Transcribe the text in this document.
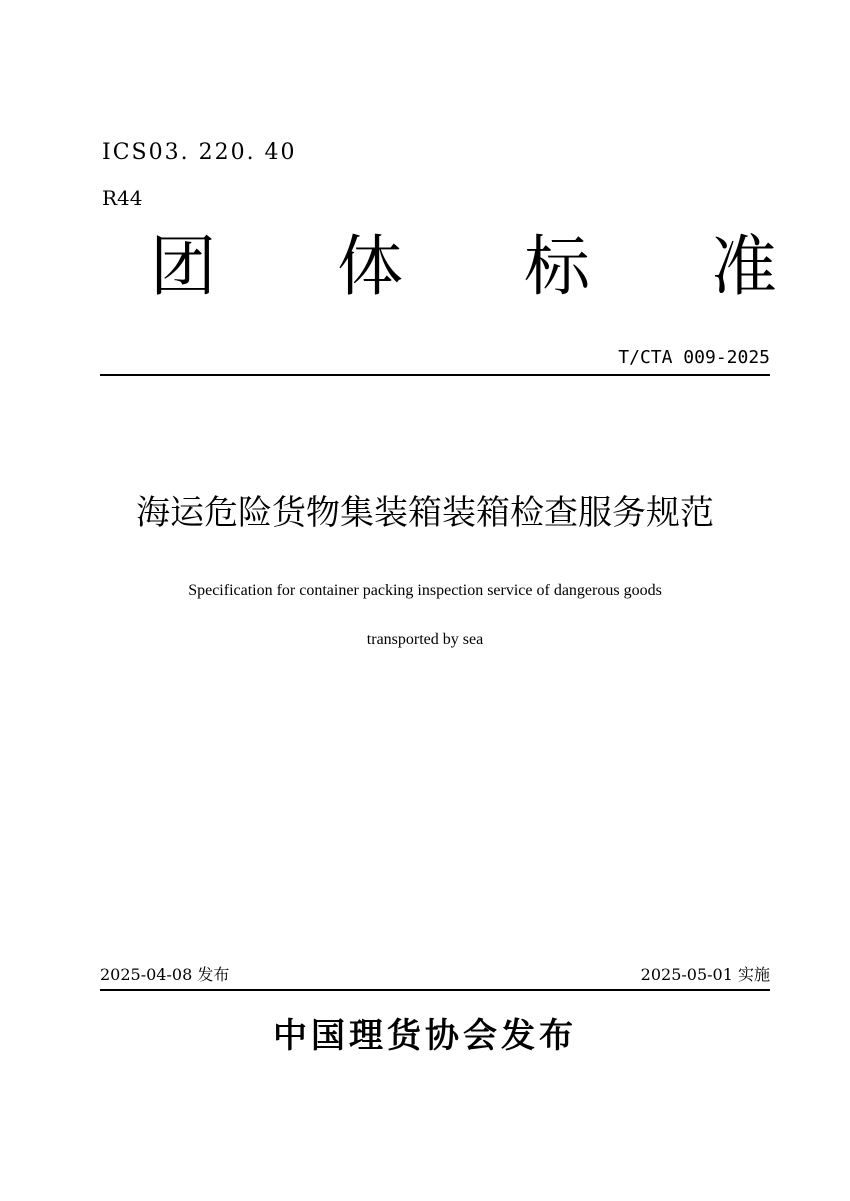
ICS03. 220. 40
R44
团 体 标 准
T/CTA 009-2025
海运危险货物集装箱装箱检查服务规范
Specification for container packing inspection service of dangerous goods
transported by sea
2025-04-08 发布	2025-05-01 实施
中国理货协会发布
